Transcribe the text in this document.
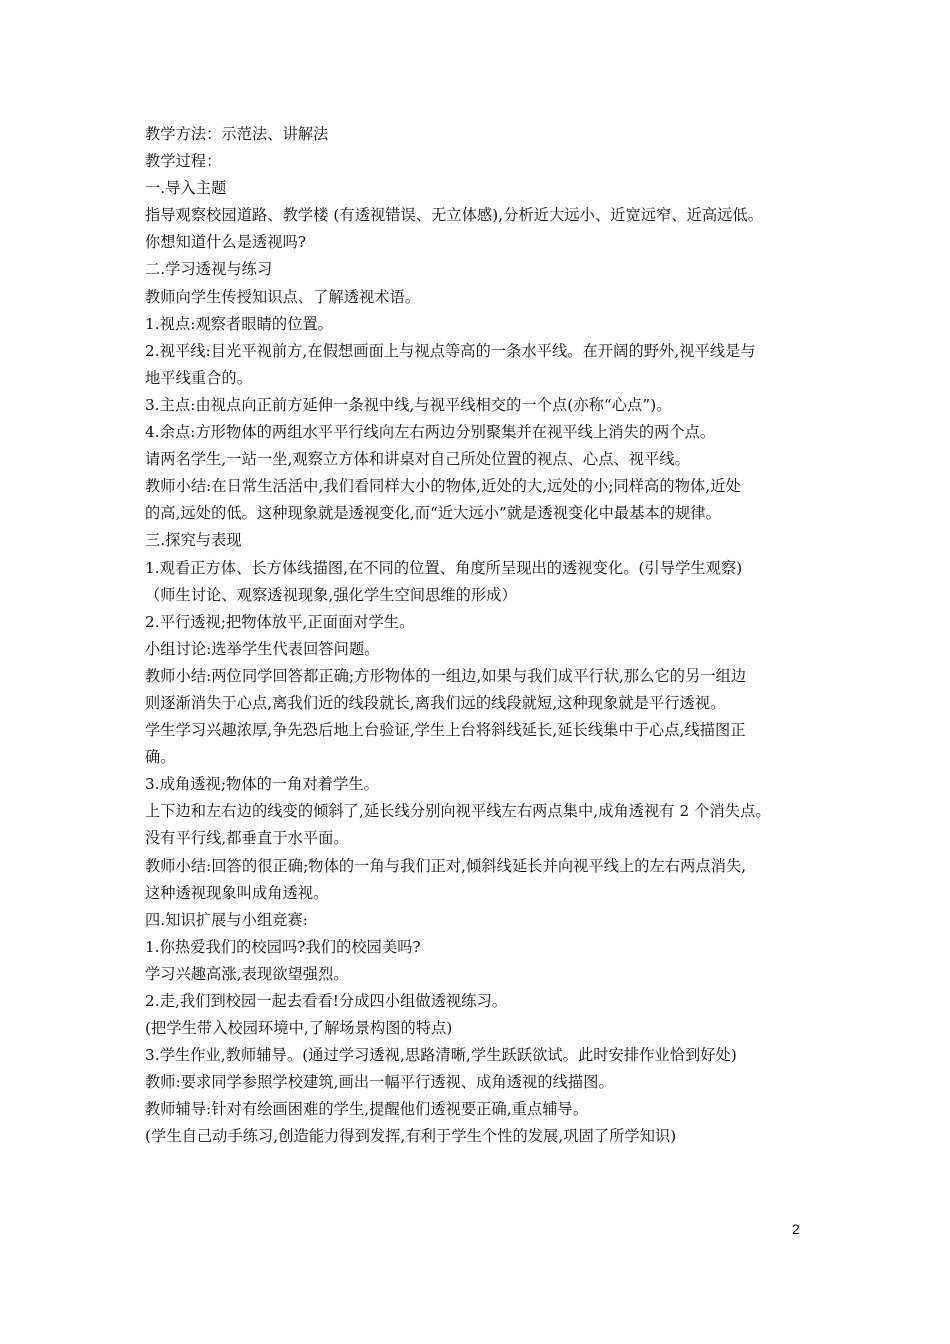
教学方法：示范法、讲解法
教学过程：
一.导入主题
指导观察校园道路、教学楼 (有透视错误、无立体感),分析近大远小、近宽远窄、近高远低。
你想知道什么是透视吗?
二.学习透视与练习
教师向学生传授知识点、了解透视术语。
1.视点:观察者眼睛的位置。
2.视平线:目光平视前方,在假想画面上与视点等高的一条水平线。在开阔的野外,视平线是与
地平线重合的。
3.主点:由视点向正前方延伸一条视中线,与视平线相交的一个点(亦称“心点”)。
4.余点:方形物体的两组水平平行线向左右两边分别聚集并在视平线上消失的两个点。
请两名学生,一站一坐,观察立方体和讲桌对自己所处位置的视点、心点、视平线。
教师小结:在日常生活活中,我们看同样大小的物体,近处的大,远处的小;同样高的物体,近处
的高,远处的低。这种现象就是透视变化,而“近大远小”就是透视变化中最基本的规律。
三.探究与表现
1.观看正方体、长方体线描图,在不同的位置、角度所呈现出的透视变化。(引导学生观察)
（师生讨论、观察透视现象,强化学生空间思维的形成）
2.平行透视;把物体放平,正面面对学生。
小组讨论:选举学生代表回答问题。
教师小结:两位同学回答都正确;方形物体的一组边,如果与我们成平行状,那么它的另一组边
则逐渐消失于心点,离我们近的线段就长,离我们远的线段就短,这种现象就是平行透视。
学生学习兴趣浓厚,争先恐后地上台验证,学生上台将斜线延长,延长线集中于心点,线描图正
确。
3.成角透视;物体的一角对着学生。
上下边和左右边的线变的倾斜了,延长线分别向视平线左右两点集中,成角透视有 2 个消失点。
没有平行线,都垂直于水平面。
教师小结:回答的很正确;物体的一角与我们正对,倾斜线延长并向视平线上的左右两点消失,
这种透视现象叫成角透视。
四.知识扩展与小组竞赛:
1.你热爱我们的校园吗?我们的校园美吗?
学习兴趣高涨,表现欲望强烈。
2.走,我们到校园一起去看看!分成四小组做透视练习。
(把学生带入校园环境中,了解场景构图的特点)
3.学生作业,教师辅导。(通过学习透视,思路清晰,学生跃跃欲试。此时安排作业恰到好处)
教师:要求同学参照学校建筑,画出一幅平行透视、成角透视的线描图。
教师辅导:针对有绘画困难的学生,提醒他们透视要正确,重点辅导。
(学生自己动手练习,创造能力得到发挥,有利于学生个性的发展,巩固了所学知识)
2
